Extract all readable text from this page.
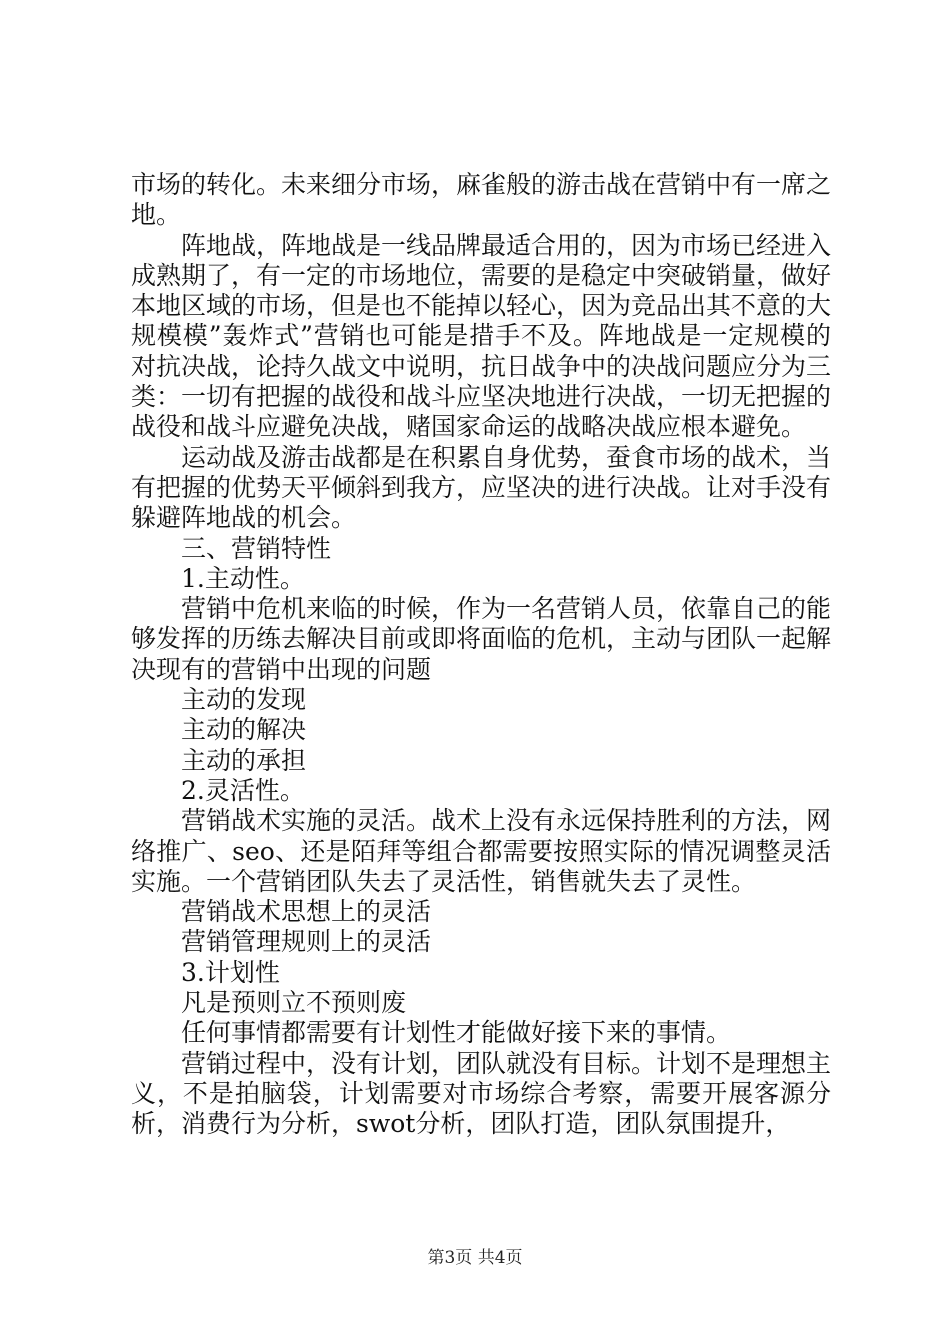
市场的转化。未来细分市场，麻雀般的游击战在营销中有一席之地。

阵地战，阵地战是一线品牌最适合用的，因为市场已经进入成熟期了，有一定的市场地位，需要的是稳定中突破销量，做好本地区域的市场，但是也不能掉以轻心，因为竞品出其不意的大规模模”轰炸式”营销也可能是措手不及。阵地战是一定规模的对抗决战，论持久战文中说明，抗日战争中的决战问题应分为三类：一切有把握的战役和战斗应坚决地进行决战，一切无把握的战役和战斗应避免决战，赌国家命运的战略决战应根本避免。

运动战及游击战都是在积累自身优势，蚕食市场的战术，当有把握的优势天平倾斜到我方，应坚决的进行决战。让对手没有躲避阵地战的机会。

三、营销特性

1.主动性。

营销中危机来临的时候，作为一名营销人员，依靠自己的能够发挥的历练去解决目前或即将面临的危机，主动与团队一起解决现有的营销中出现的问题

主动的发现

主动的解决

主动的承担

2.灵活性。

营销战术实施的灵活。战术上没有永远保持胜利的方法，网络推广、seo、还是陌拜等组合都需要按照实际的情况调整灵活实施。一个营销团队失去了灵活性，销售就失去了灵性。

营销战术思想上的灵活

营销管理规则上的灵活

3.计划性

凡是预则立不预则废

任何事情都需要有计划性才能做好接下来的事情。

营销过程中，没有计划，团队就没有目标。计划不是理想主义，不是拍脑袋，计划需要对市场综合考察，需要开展客源分析，消费行为分析，swot分析，团队打造，团队氛围提升，

第3页 共4页
